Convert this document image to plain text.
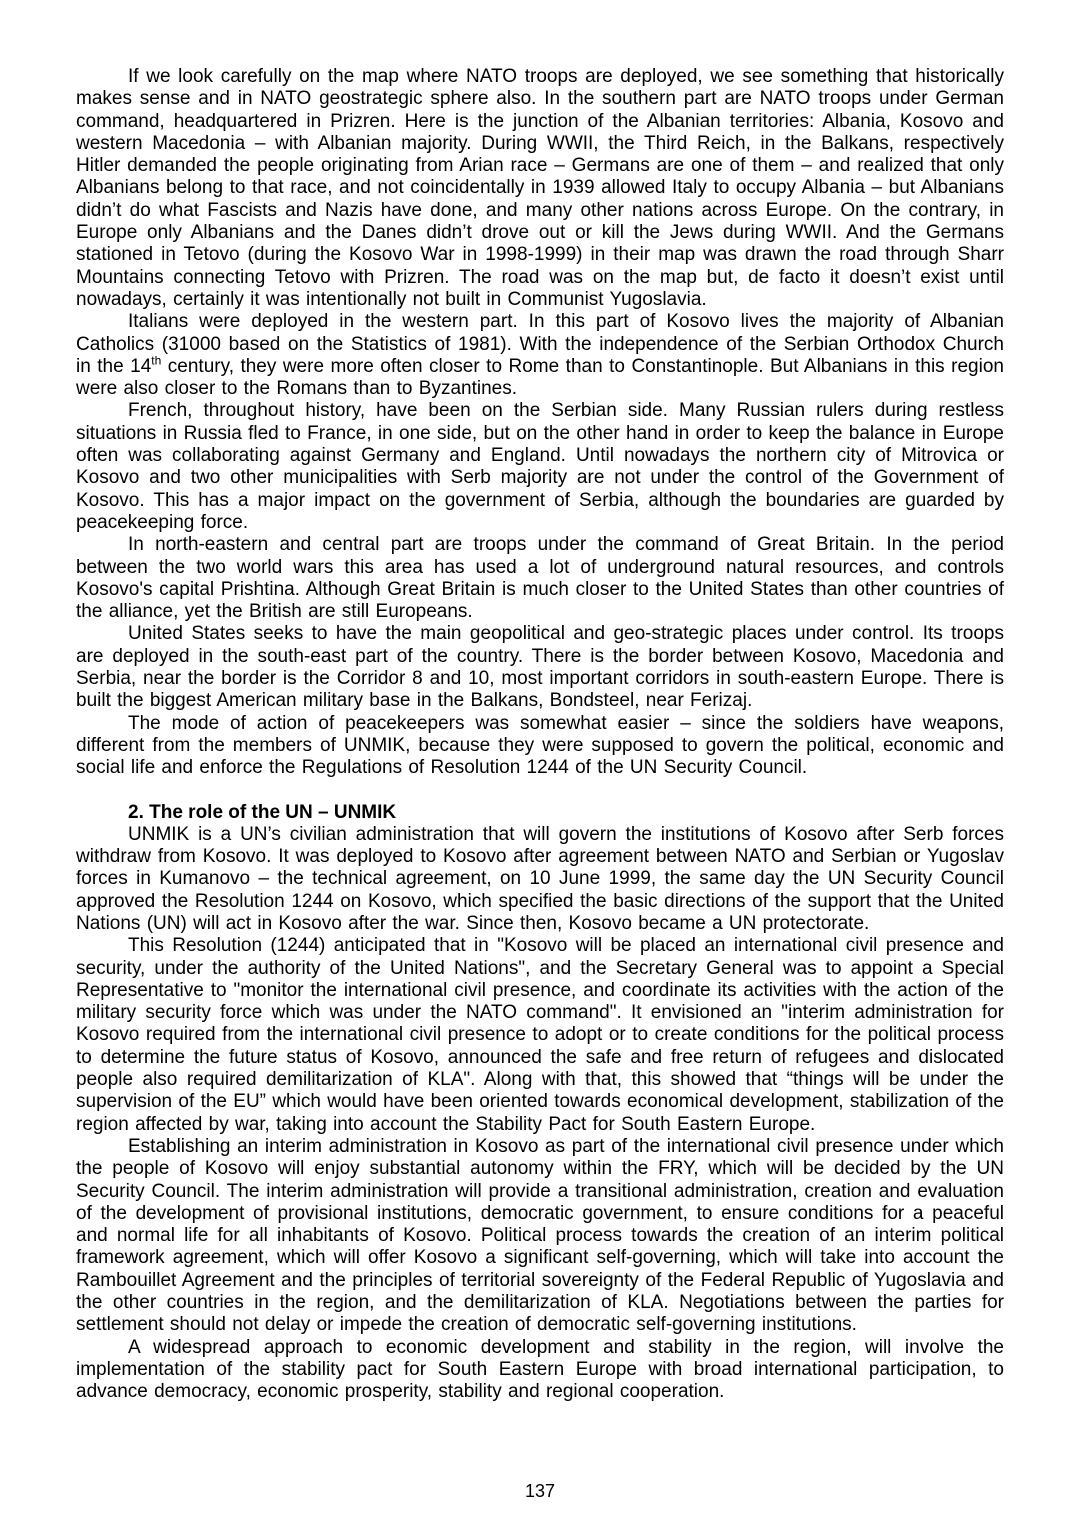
If we look carefully on the map where NATO troops are deployed, we see something that historically makes sense and in NATO geostrategic sphere also. In the southern part are NATO troops under German command, headquartered in Prizren. Here is the junction of the Albanian territories: Albania, Kosovo and western Macedonia – with Albanian majority. During WWII, the Third Reich, in the Balkans, respectively Hitler demanded the people originating from Arian race – Germans are one of them – and realized that only Albanians belong to that race, and not coincidentally in 1939 allowed Italy to occupy Albania – but Albanians didn’t do what Fascists and Nazis have done, and many other nations across Europe. On the contrary, in Europe only Albanians and the Danes didn’t drove out or kill the Jews during WWII. And the Germans stationed in Tetovo (during the Kosovo War in 1998-1999) in their map was drawn the road through Sharr Mountains connecting Tetovo with Prizren. The road was on the map but, de facto it doesn’t exist until nowadays, certainly it was intentionally not built in Communist Yugoslavia.

Italians were deployed in the western part. In this part of Kosovo lives the majority of Albanian Catholics (31000 based on the Statistics of 1981). With the independence of the Serbian Orthodox Church in the 14th century, they were more often closer to Rome than to Constantinople. But Albanians in this region were also closer to the Romans than to Byzantines.

French, throughout history, have been on the Serbian side. Many Russian rulers during restless situations in Russia fled to France, in one side, but on the other hand in order to keep the balance in Europe often was collaborating against Germany and England. Until nowadays the northern city of Mitrovica or Kosovo and two other municipalities with Serb majority are not under the control of the Government of Kosovo. This has a major impact on the government of Serbia, although the boundaries are guarded by peacekeeping force.

In north-eastern and central part are troops under the command of Great Britain. In the period between the two world wars this area has used a lot of underground natural resources, and controls Kosovo's capital Prishtina. Although Great Britain is much closer to the United States than other countries of the alliance, yet the British are still Europeans.

United States seeks to have the main geopolitical and geo-strategic places under control. Its troops are deployed in the south-east part of the country. There is the border between Kosovo, Macedonia and Serbia, near the border is the Corridor 8 and 10, most important corridors in south-eastern Europe. There is built the biggest American military base in the Balkans, Bondsteel, near Ferizaj.

The mode of action of peacekeepers was somewhat easier – since the soldiers have weapons, different from the members of UNMIK, because they were supposed to govern the political, economic and social life and enforce the Regulations of Resolution 1244 of the UN Security Council.

2. The role of the UN – UNMIK

UNMIK is a UN’s civilian administration that will govern the institutions of Kosovo after Serb forces withdraw from Kosovo. It was deployed to Kosovo after agreement between NATO and Serbian or Yugoslav forces in Kumanovo – the technical agreement, on 10 June 1999, the same day the UN Security Council approved the Resolution 1244 on Kosovo, which specified the basic directions of the support that the United Nations (UN) will act in Kosovo after the war. Since then, Kosovo became a UN protectorate.

This Resolution (1244) anticipated that in "Kosovo will be placed an international civil presence and security, under the authority of the United Nations", and the Secretary General was to appoint a Special Representative to "monitor the international civil presence, and coordinate its activities with the action of the military security force which was under the NATO command". It envisioned an "interim administration for Kosovo required from the international civil presence to adopt or to create conditions for the political process to determine the future status of Kosovo, announced the safe and free return of refugees and dislocated people also required demilitarization of KLA". Along with that, this showed that “things will be under the supervision of the EU” which would have been oriented towards economical development, stabilization of the region affected by war, taking into account the Stability Pact for South Eastern Europe.

Establishing an interim administration in Kosovo as part of the international civil presence under which the people of Kosovo will enjoy substantial autonomy within the FRY, which will be decided by the UN Security Council. The interim administration will provide a transitional administration, creation and evaluation of the development of provisional institutions, democratic government, to ensure conditions for a peaceful and normal life for all inhabitants of Kosovo. Political process towards the creation of an interim political framework agreement, which will offer Kosovo a significant self-governing, which will take into account the Rambouillet Agreement and the principles of territorial sovereignty of the Federal Republic of Yugoslavia and the other countries in the region, and the demilitarization of KLA. Negotiations between the parties for settlement should not delay or impede the creation of democratic self-governing institutions.

A widespread approach to economic development and stability in the region, will involve the implementation of the stability pact for South Eastern Europe with broad international participation, to advance democracy, economic prosperity, stability and regional cooperation.

137
